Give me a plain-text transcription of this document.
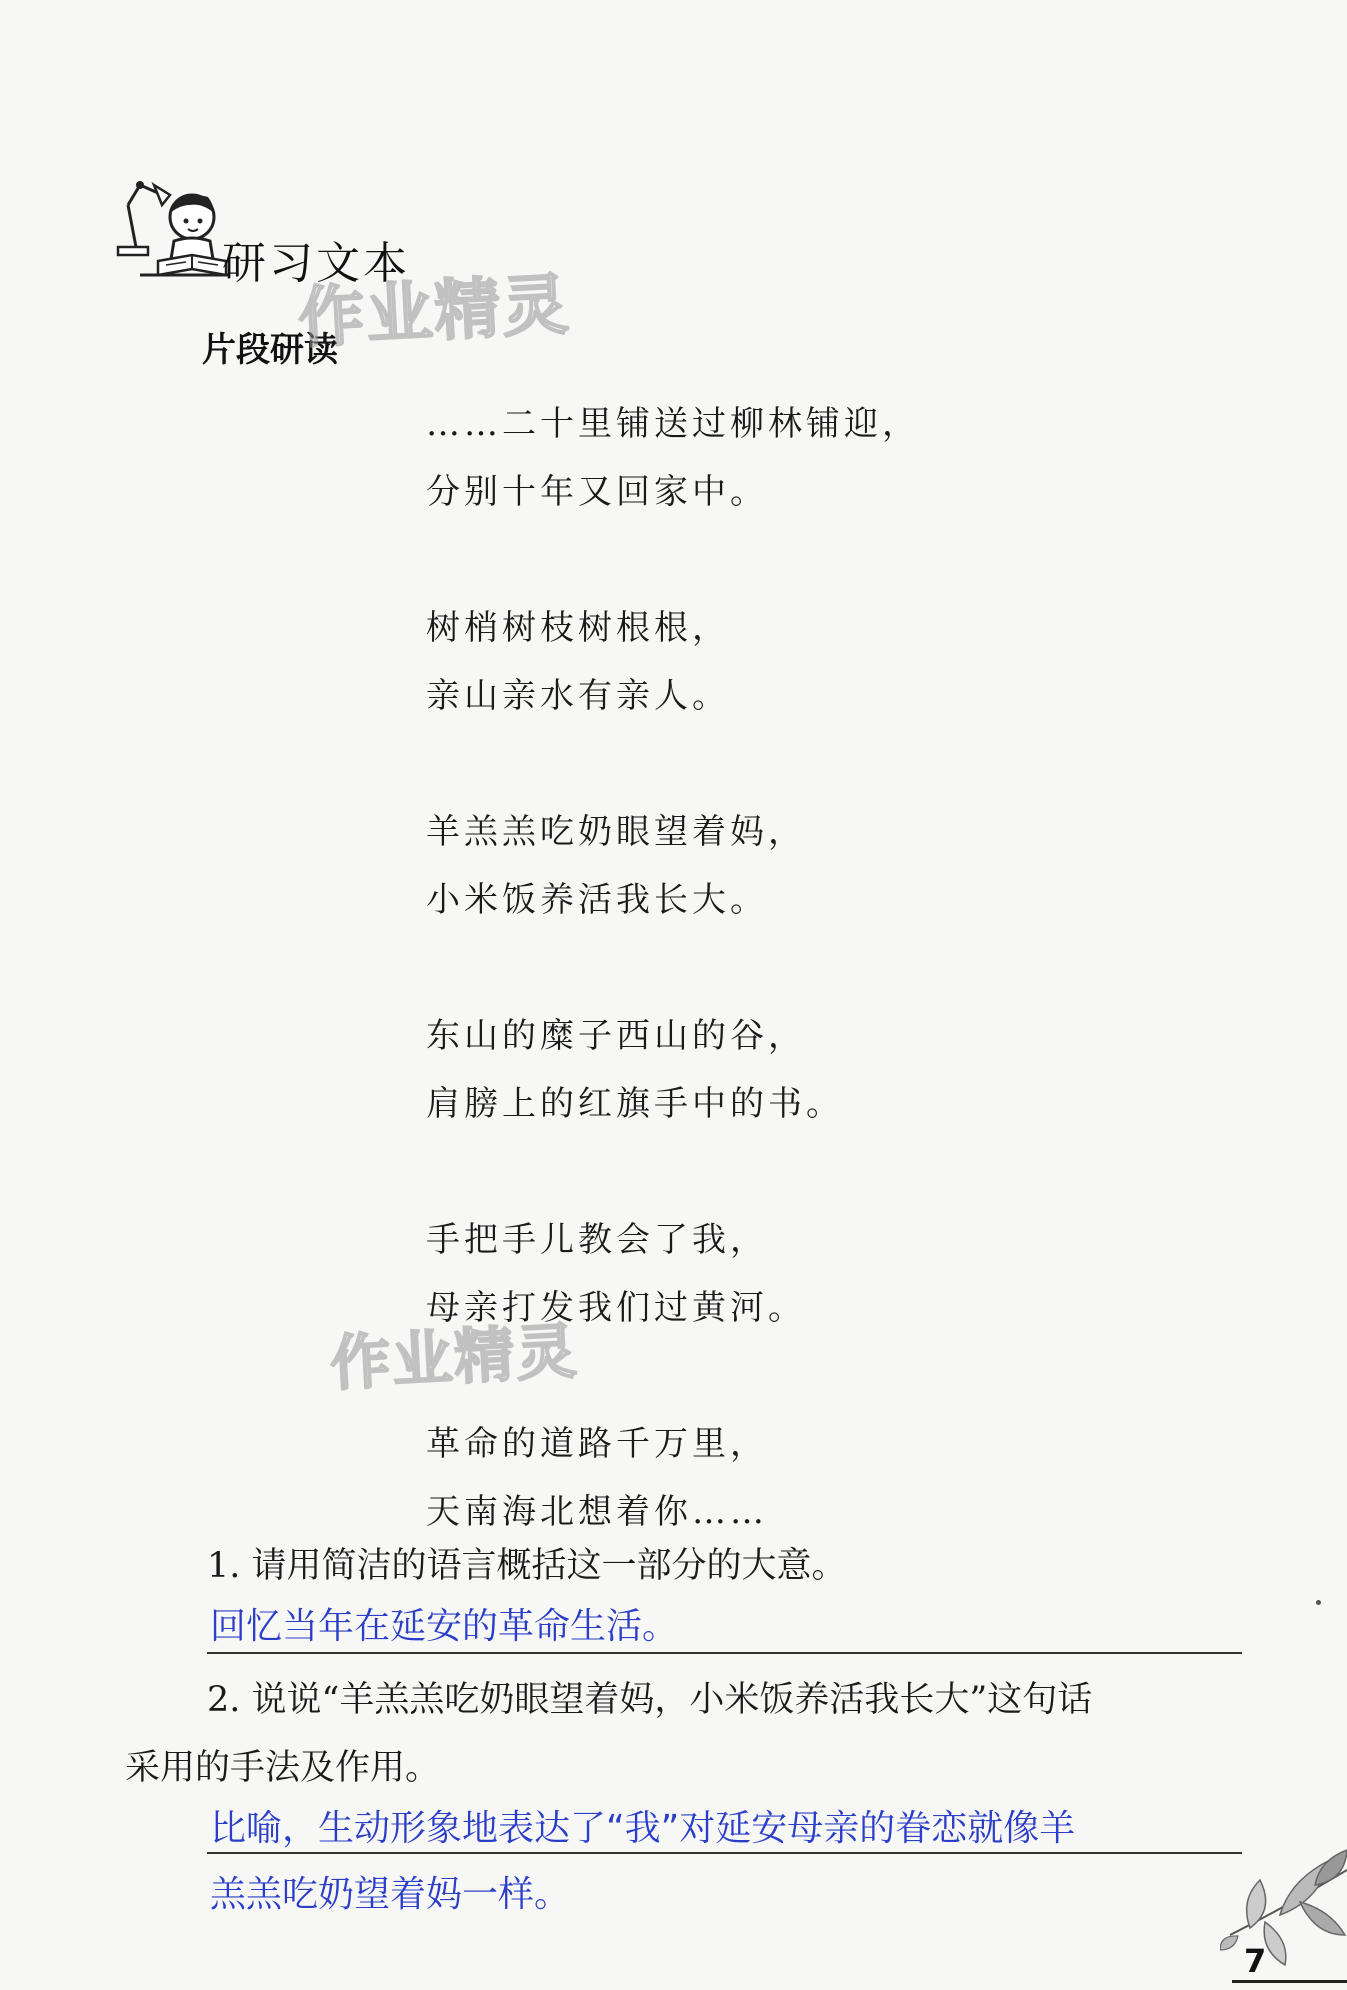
研习文本
片段研读
作业精灵
作业精灵
……二十里铺送过柳林铺迎，
分别十年又回家中。
树梢树枝树根根，
亲山亲水有亲人。
羊羔羔吃奶眼望着妈，
小米饭养活我长大。
东山的糜子西山的谷，
肩膀上的红旗手中的书。
手把手儿教会了我，
母亲打发我们过黄河。
革命的道路千万里，
天南海北想着你……
1. 请用简洁的语言概括这一部分的大意。
回忆当年在延安的革命生活。
2. 说说“羊羔羔吃奶眼望着妈，小米饭养活我长大”这句话
采用的手法及作用。
比喻，生动形象地表达了“我”对延安母亲的眷恋就像羊
羔羔吃奶望着妈一样。
7
